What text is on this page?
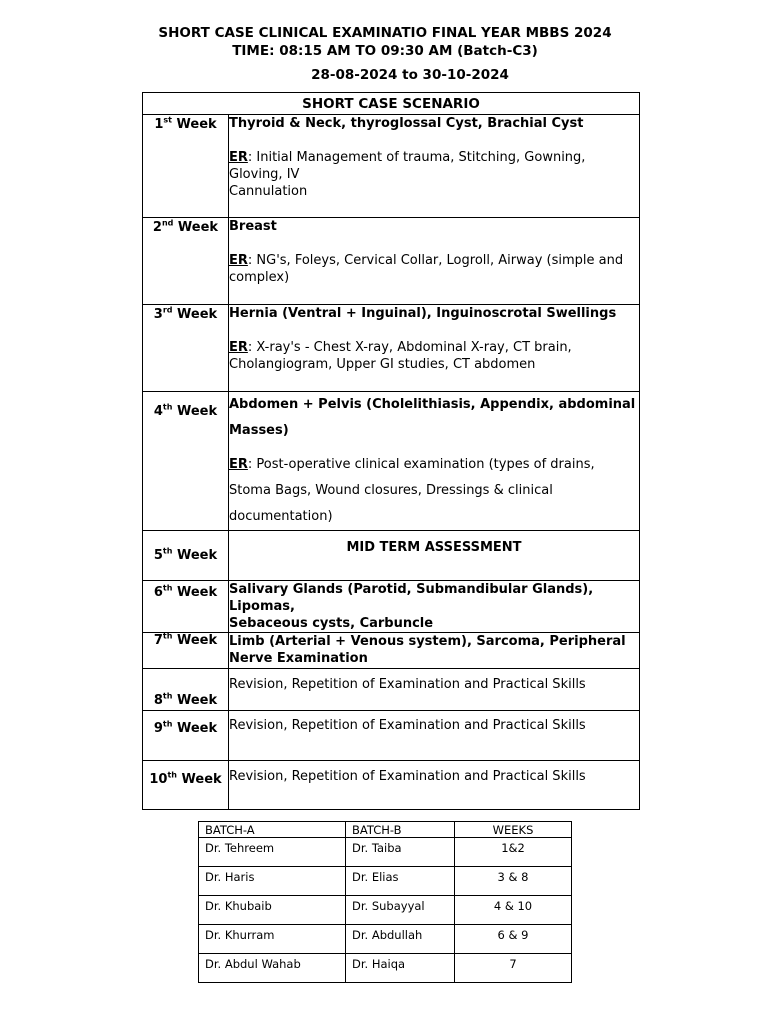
SHORT CASE CLINICAL EXAMINATIO FINAL YEAR MBBS 2024
TIME: 08:15 AM TO 09:30 AM (Batch-C3)
28-08-2024 to 30-10-2024
SHORT CASE SCENARIO	
1st Week	Thyroid & Neck, thyroglossal Cyst, Brachial Cyst
ER: Initial Management of trauma, Stitching, Gowning, Gloving, IV
Cannulation

2nd Week	Breast
ER: NG's, Foleys, Cervical Collar, Logroll, Airway (simple and complex)

3rd Week	Hernia (Ventral + Inguinal), Inguinoscrotal Swellings
ER: X-ray's - Chest X-ray, Abdominal X-ray, CT brain, Cholangiogram, Upper GI studies, CT abdomen

4th Week	Abdomen + Pelvis (Cholelithiasis, Appendix, abdominal Masses)
ER: Post-operative clinical examination (types of drains, Stoma Bags, Wound closures, Dressings & clinical documentation)

5th Week	MID TERM ASSESSMENT

6th Week	Salivary Glands (Parotid, Submandibular Glands), Lipomas,
Sebaceous cysts, Carbuncle

7th Week	Limb (Arterial + Venous system), Sarcoma, Peripheral Nerve Examination

8th Week	Revision, Repetition of Examination and Practical Skills

9th Week	Revision, Repetition of Examination and Practical Skills

10th Week	Revision, Repetition of Examination and Practical Skills
BATCH-A	BATCH-B	WEEKS
Dr. Tehreem	Dr. Taiba	1&2
Dr. Haris	Dr. Elias	3 & 8
Dr. Khubaib	Dr. Subayyal	4 & 10
Dr. Khurram	Dr. Abdullah	6 & 9
Dr. Abdul Wahab	Dr. Haiqa	7
